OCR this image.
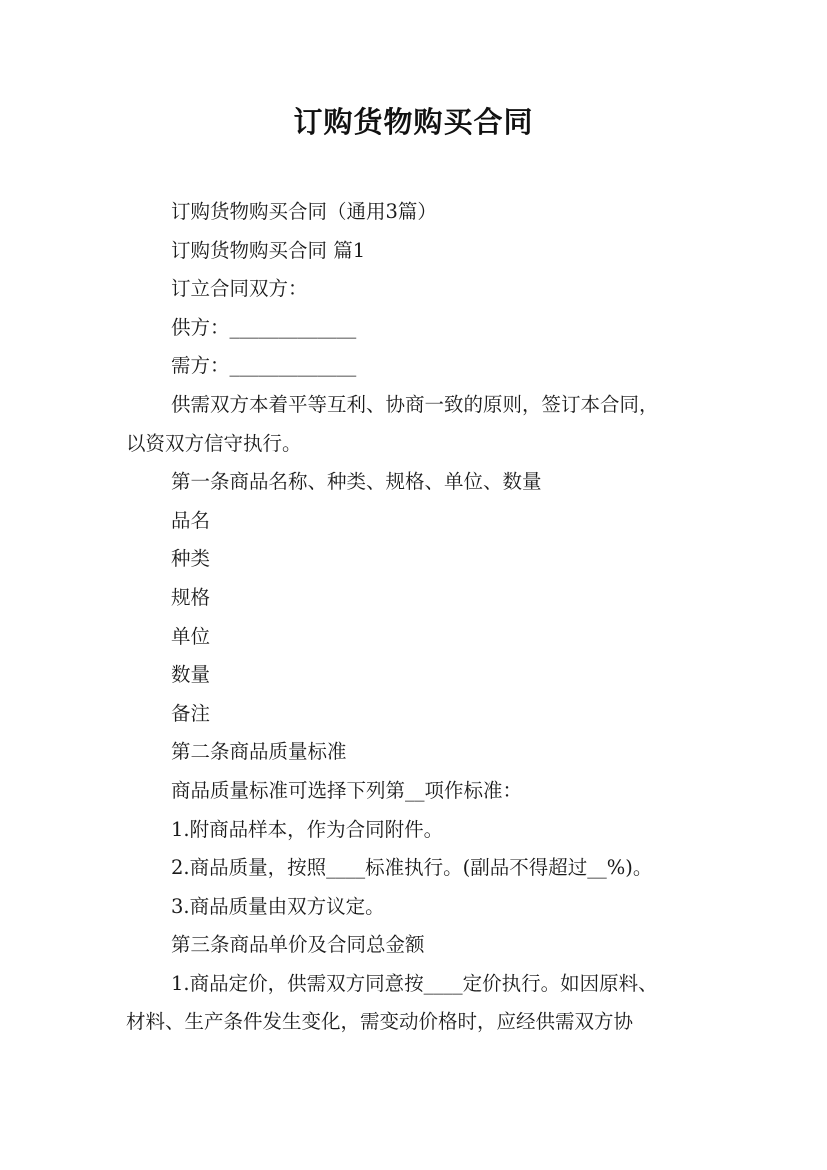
订购货物购买合同

订购货物购买合同（通用3篇）

订购货物购买合同 篇1

订立合同双方：

供方：_____________

需方：_____________

供需双方本着平等互利、协商一致的原则，签订本合同，

以资双方信守执行。

第一条商品名称、种类、规格、单位、数量

品名

种类

规格

单位

数量

备注

第二条商品质量标准

商品质量标准可选择下列第__项作标准：

1.附商品样本，作为合同附件。

2.商品质量，按照____标准执行。(副品不得超过__%)。

3.商品质量由双方议定。

第三条商品单价及合同总金额

1.商品定价，供需双方同意按____定价执行。如因原料、

材料、生产条件发生变化，需变动价格时，应经供需双方协
